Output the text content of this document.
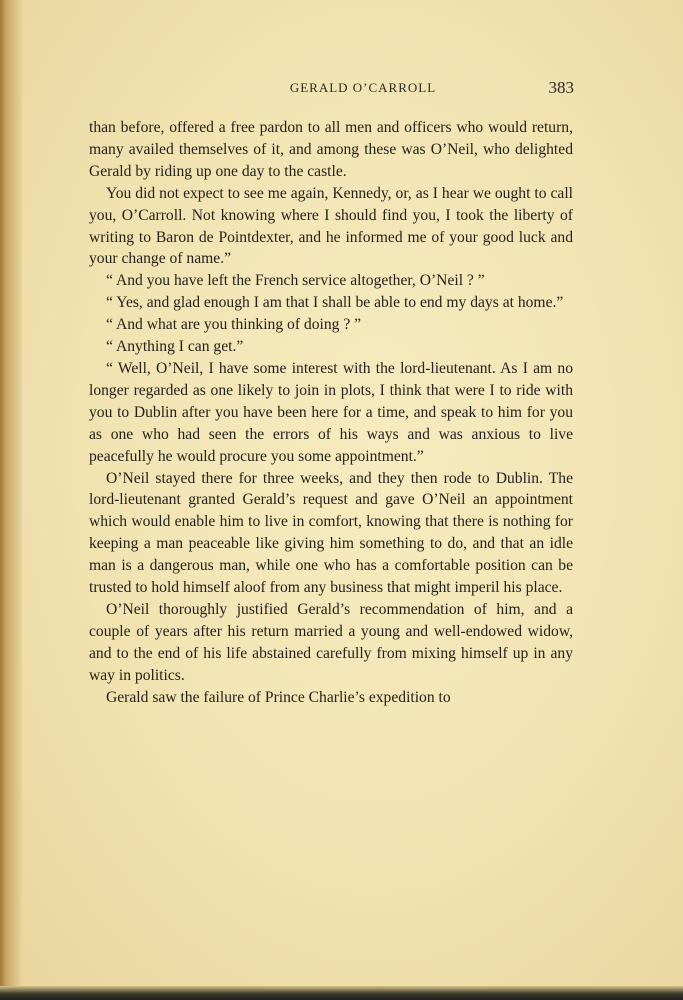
GERALD O’CARROLL	383

than before, offered a free pardon to all men and officers who would return, many availed themselves of it, and among these was O’Neil, who delighted Gerald by riding up one day to the castle.

You did not expect to see me again, Kennedy, or, as I hear we ought to call you, O’Carroll. Not knowing where I should find you, I took the liberty of writing to Baron de Pointdexter, and he informed me of your good luck and your change of name.”

“ And you have left the French service altogether, O’Neil ? ”

“ Yes, and glad enough I am that I shall be able to end my days at home.”

“ And what are you thinking of doing ? ”

“ Anything I can get.”

“ Well, O’Neil, I have some interest with the lord-lieutenant. As I am no longer regarded as one likely to join in plots, I think that were I to ride with you to Dublin after you have been here for a time, and speak to him for you as one who had seen the errors of his ways and was anxious to live peacefully he would procure you some appointment.”

O’Neil stayed there for three weeks, and they then rode to Dublin. The lord-lieutenant granted Gerald’s request and gave O’Neil an appointment which would enable him to live in comfort, knowing that there is nothing for keeping a man peaceable like giving him something to do, and that an idle man is a dangerous man, while one who has a comfortable position can be trusted to hold himself aloof from any business that might imperil his place.

O’Neil thoroughly justified Gerald’s recommendation of him, and a couple of years after his return married a young and well-endowed widow, and to the end of his life abstained carefully from mixing himself up in any way in politics.

Gerald saw the failure of Prince Charlie’s expedition to
